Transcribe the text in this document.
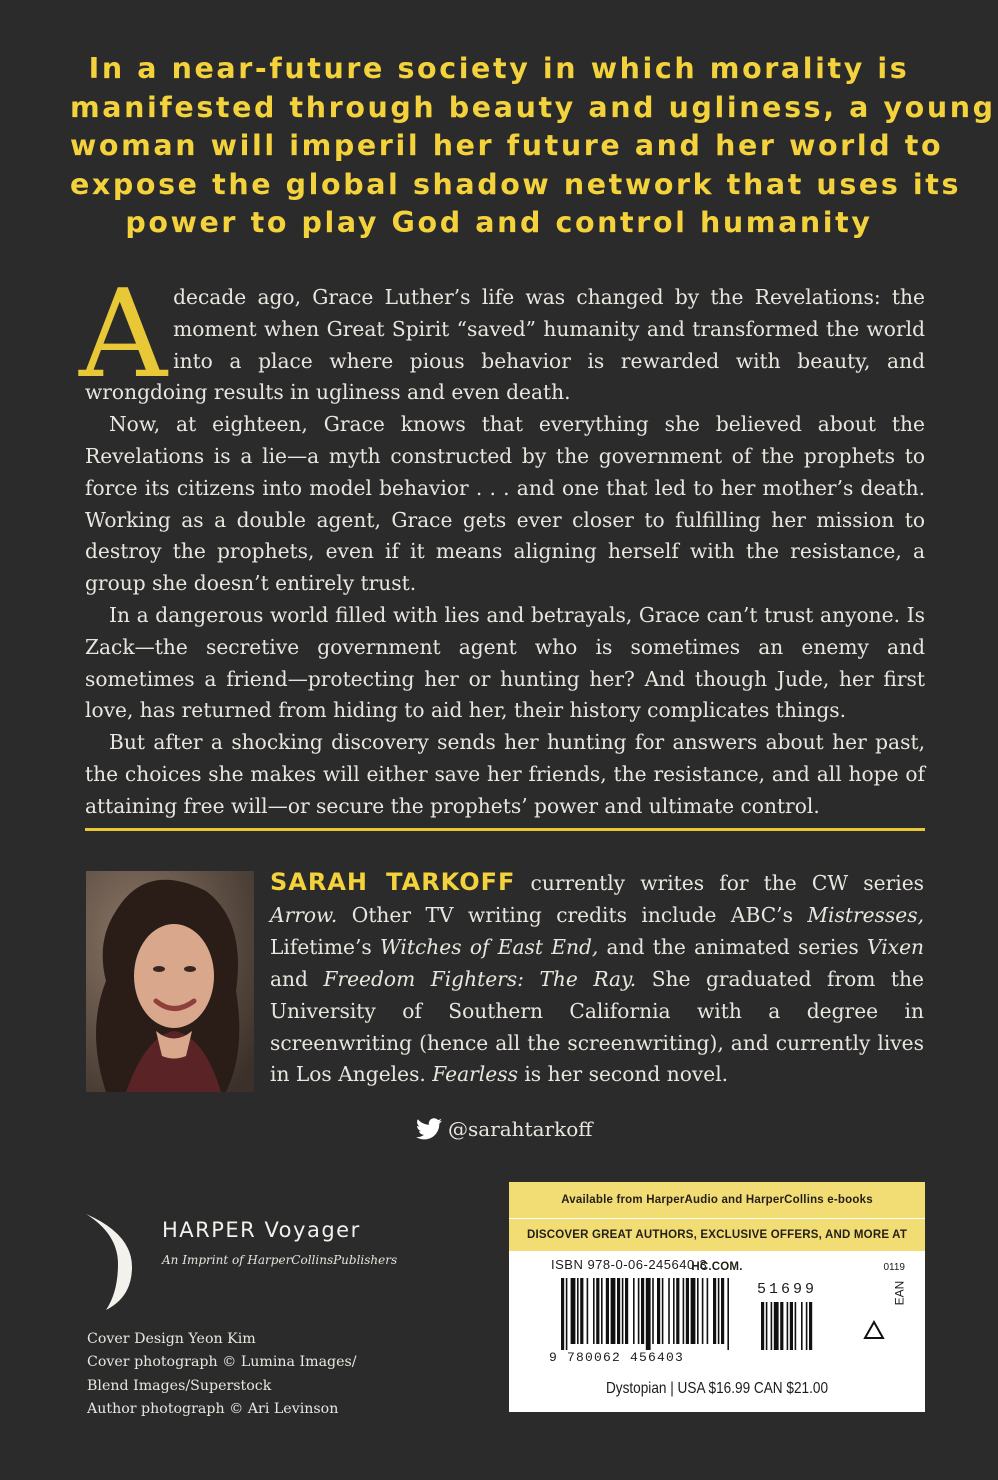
In a near-future society in which morality is
manifested through beauty and ugliness, a young
woman will imperil her future and her world to
expose the global shadow network that uses its
power to play God and control humanity

Adecade ago, Grace Luther’s life was changed by the Revelations: the moment when Great Spirit “saved” humanity and transformed the world into a place where pious behavior is rewarded with beauty, and wrongdoing results in ugliness and even death.

Now, at eighteen, Grace knows that everything she believed about the Revelations is a lie—a myth constructed by the government of the prophets to force its citizens into model behavior . . . and one that led to her mother’s death. Working as a double agent, Grace gets ever closer to fulfilling her mission to destroy the prophets, even if it means aligning herself with the resistance, a group she doesn’t entirely trust.

In a dangerous world filled with lies and betrayals, Grace can’t trust anyone. Is Zack—the secretive government agent who is sometimes an enemy and sometimes a friend—protecting her or hunting her? And though Jude, her first love, has returned from hiding to aid her, their history complicates things.

But after a shocking discovery sends her hunting for answers about her past, the choices she makes will either save her friends, the resistance, and all hope of attaining free will—or secure the prophets’ power and ultimate control.

SARAH TARKOFF currently writes for the CW series Arrow. Other TV writing credits include ABC’s Mistresses, Lifetime’s Witches of East End, and the animated series Vixen and Freedom Fighters: The Ray. She graduated from the University of Southern California with a degree in screenwriting (hence all the screenwriting), and currently lives in Los Angeles. Fearless is her second novel.

@sarahtarkoff
HARPER Voyager
An Imprint of HarperCollinsPublishers
Cover Design Yeon Kim
Cover photograph © Lumina Images/
Blend Images/Superstock
Author photograph © Ari Levinson
Available from HarperAudio and HarperCollins e-books
DISCOVER GREAT AUTHORS, EXCLUSIVE OFFERS, AND MORE AT HC.COM.
ISBN 978-0-06-245640-3	0119
51699	EAN
9 780062 456403
Dystopian | USA $16.99 CAN $21.00
